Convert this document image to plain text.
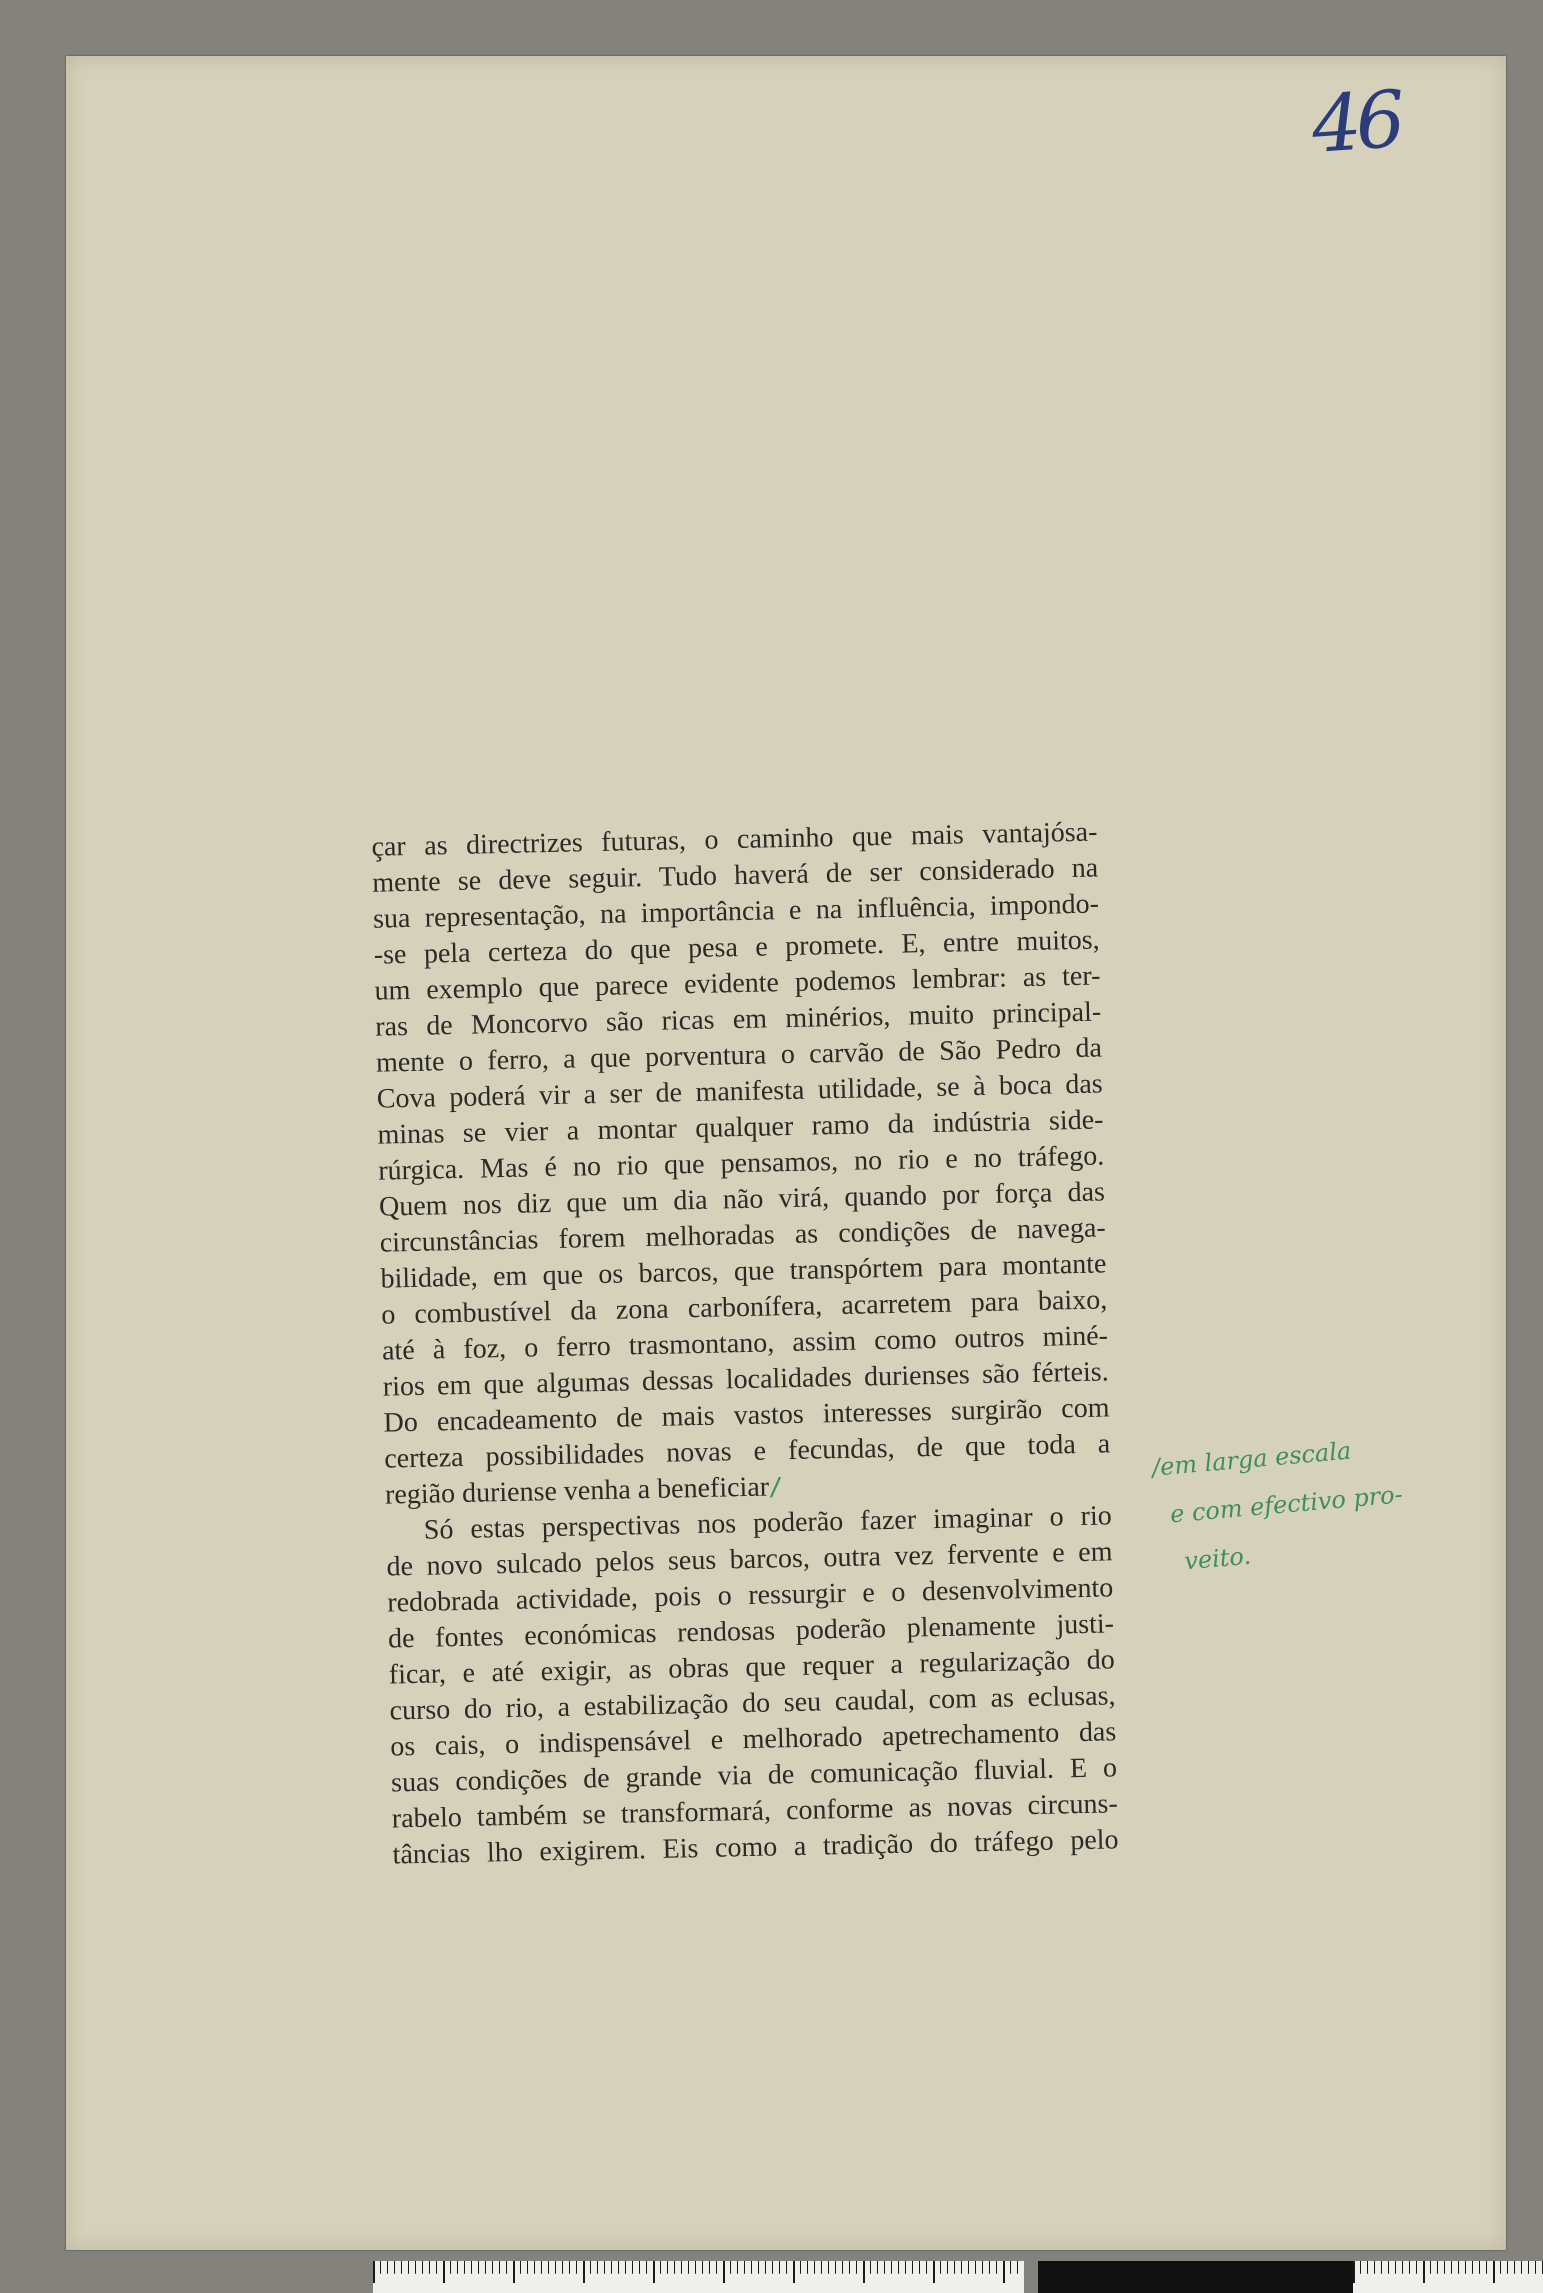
46
çar as directrizes futuras, o caminho que mais vantajósa-
mente se deve seguir. Tudo haverá de ser considerado na
sua representação, na importância e na influência, impondo-
-se pela certeza do que pesa e promete. E, entre muitos,
um exemplo que parece evidente podemos lembrar: as ter-
ras de Moncorvo são ricas em minérios, muito principal-
mente o ferro, a que porventura o carvão de São Pedro da
Cova poderá vir a ser de manifesta utilidade, se à boca das
minas se vier a montar qualquer ramo da indústria side-
rúrgica. Mas é no rio que pensamos, no rio e no tráfego.
Quem nos diz que um dia não virá, quando por força das
circunstâncias forem melhoradas as condições de navega-
bilidade, em que os barcos, que transpórtem para montante
o combustível da zona carbonífera, acarretem para baixo,
até à foz, o ferro trasmontano, assim como outros miné-
rios em que algumas dessas localidades durienses são férteis.
Do encadeamento de mais vastos interesses surgirão com
certeza possibilidades novas e fecundas, de que toda a
região duriense venha a beneficiar/
Só estas perspectivas nos poderão fazer imaginar o rio
de novo sulcado pelos seus barcos, outra vez fervente e em
redobrada actividade, pois o ressurgir e o desenvolvimento
de fontes económicas rendosas poderão plenamente justi-
ficar, e até exigir, as obras que requer a regularização do
curso do rio, a estabilização do seu caudal, com as eclusas,
os cais, o indispensável e melhorado apetrechamento das
suas condições de grande via de comunicação fluvial. E o
rabelo também se transformará, conforme as novas circuns-
tâncias lho exigirem. Eis como a tradição do tráfego pelo
/em larga escala
e com efectivo pro-
veito.
